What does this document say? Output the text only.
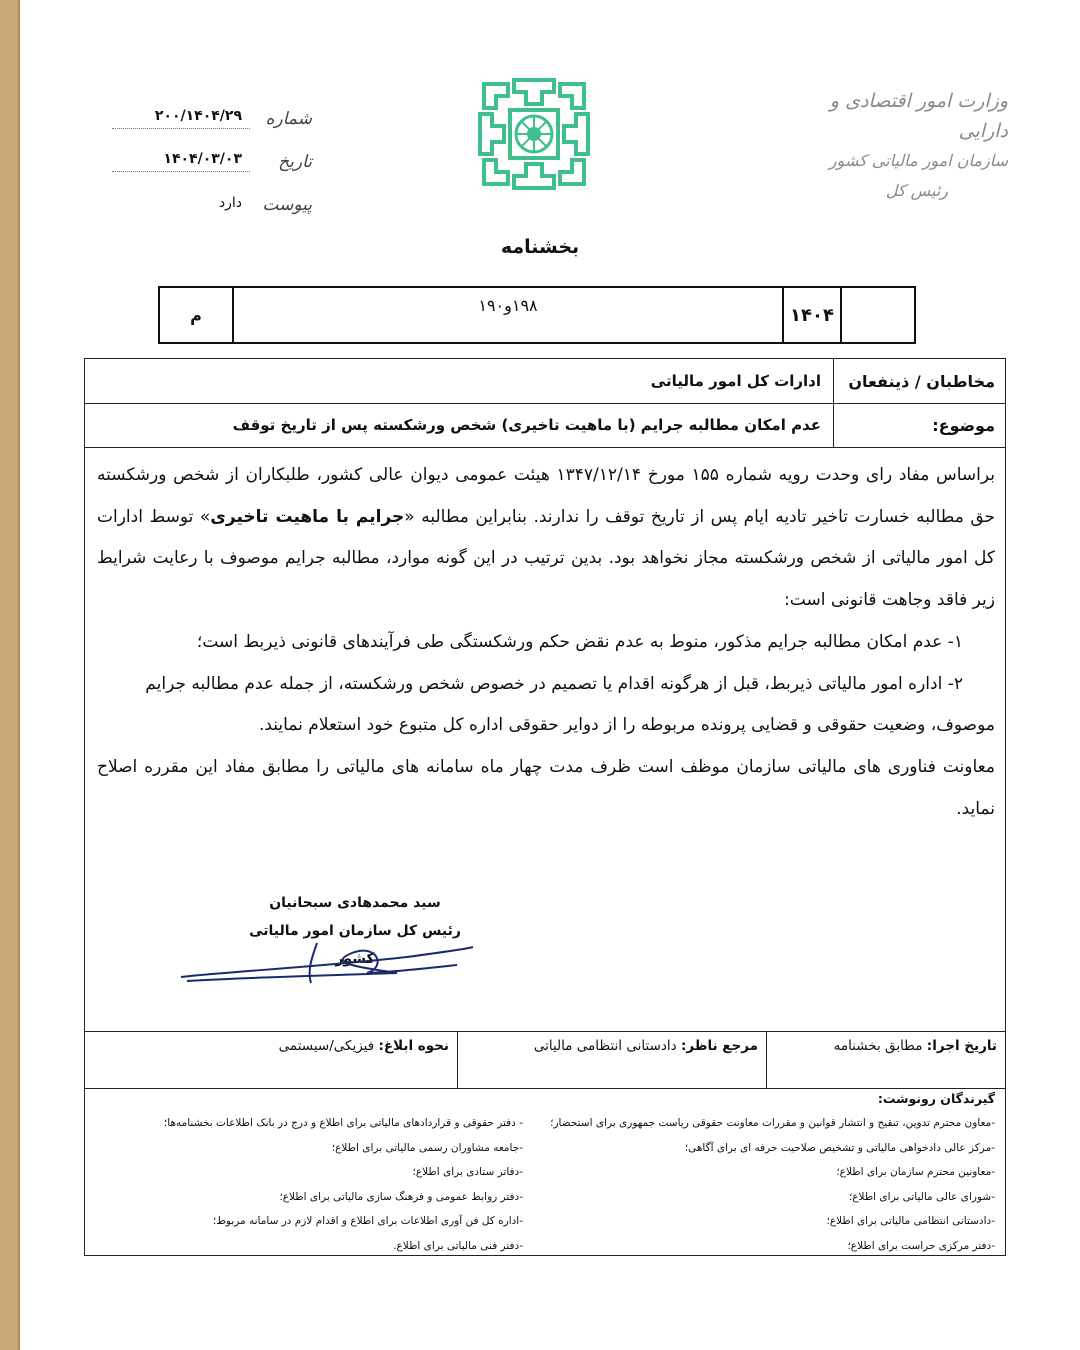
وزارت امور اقتصادی و دارایی
سازمان امور مالیاتی کشور
رئیس کل
شماره
۲۰۰/۱۴۰۴/۲۹
تاریخ
۱۴۰۴/۰۳/۰۳
پیوست
دارد
بخشنامه
۱۴۰۴
۱۹۸و۱۹۰
م
مخاطبان / ذینفعان
ادارات کل امور مالیاتی
موضوع:
عدم امکان مطالبه جرایم (با ماهیت تاخیری) شخص ورشکسته پس از تاریخ توقف

براساس مفاد رای وحدت رویه شماره ۱۵۵ مورخ ۱۳۴۷/۱۲/۱۴ هیئت عمومی دیوان عالی کشور، طلبکاران از شخص ورشکسته حق مطالبه خسارت تاخیر تادیه ایام پس از تاریخ توقف را ندارند. بنابراین مطالبه «جرایم با ماهیت تاخیری» توسط ادارات کل امور مالیاتی از شخص ورشکسته مجاز نخواهد بود. بدین ترتیب در این گونه موارد، مطالبه جرایم موصوف با رعایت شرایط زیر فاقد وجاهت قانونی است:

۱- عدم امکان مطالبه جرایم مذکور، منوط به عدم نقض حکم ورشکستگی طی فرآیندهای قانونی ذیربط است؛

۲- اداره امور مالیاتی ذیربط، قبل از هرگونه اقدام یا تصمیم در خصوص شخص ورشکسته، از جمله عدم مطالبه جرایم

موصوف، وضعیت حقوقی و قضایی پرونده مربوطه را از دوایر حقوقی اداره کل متبوع خود استعلام نمایند.

معاونت فناوری های مالیاتی سازمان موظف است ظرف مدت چهار ماه سامانه های مالیاتی را مطابق مفاد این مقرره اصلاح نماید.

سید محمدهادی سبحانیان
رئیس کل سازمان امور مالیاتی کشور
تاریخ اجرا: مطابق بخشنامه
مرجع ناظر: دادستانی انتظامی مالیاتی
نحوه ابلاغ: فیزیکی/سیستمی
گیرندگان رونوشت:
-معاون محترم تدوین، تنقیح و انتشار قوانین و مقررات معاونت حقوقی ریاست جمهوری برای استحضار؛
-مرکز عالی دادخواهی مالیاتی و تشخیص صلاحیت حرفه ای برای آگاهی؛
-معاونین محترم سازمان برای اطلاع؛
-شورای عالی مالیاتی برای اطلاع؛
-دادستانی انتظامی مالیاتی برای اطلاع؛
-دفتر مرکزی حراست برای اطلاع؛
- دفتر حقوقی و قراردادهای مالیاتی برای اطلاع و درج در بانک اطلاعات بخشنامه‌ها؛
-جامعه مشاوران رسمی مالیاتی برای اطلاع؛
-دفاتر ستادی برای اطلاع؛
-دفتر روابط عمومی و فرهنگ سازی مالیاتی برای اطلاع؛
-اداره کل فن آوری اطلاعات برای اطلاع و اقدام لازم در سامانه مربوط؛
-دفتر فنی مالیاتی برای اطلاع.
